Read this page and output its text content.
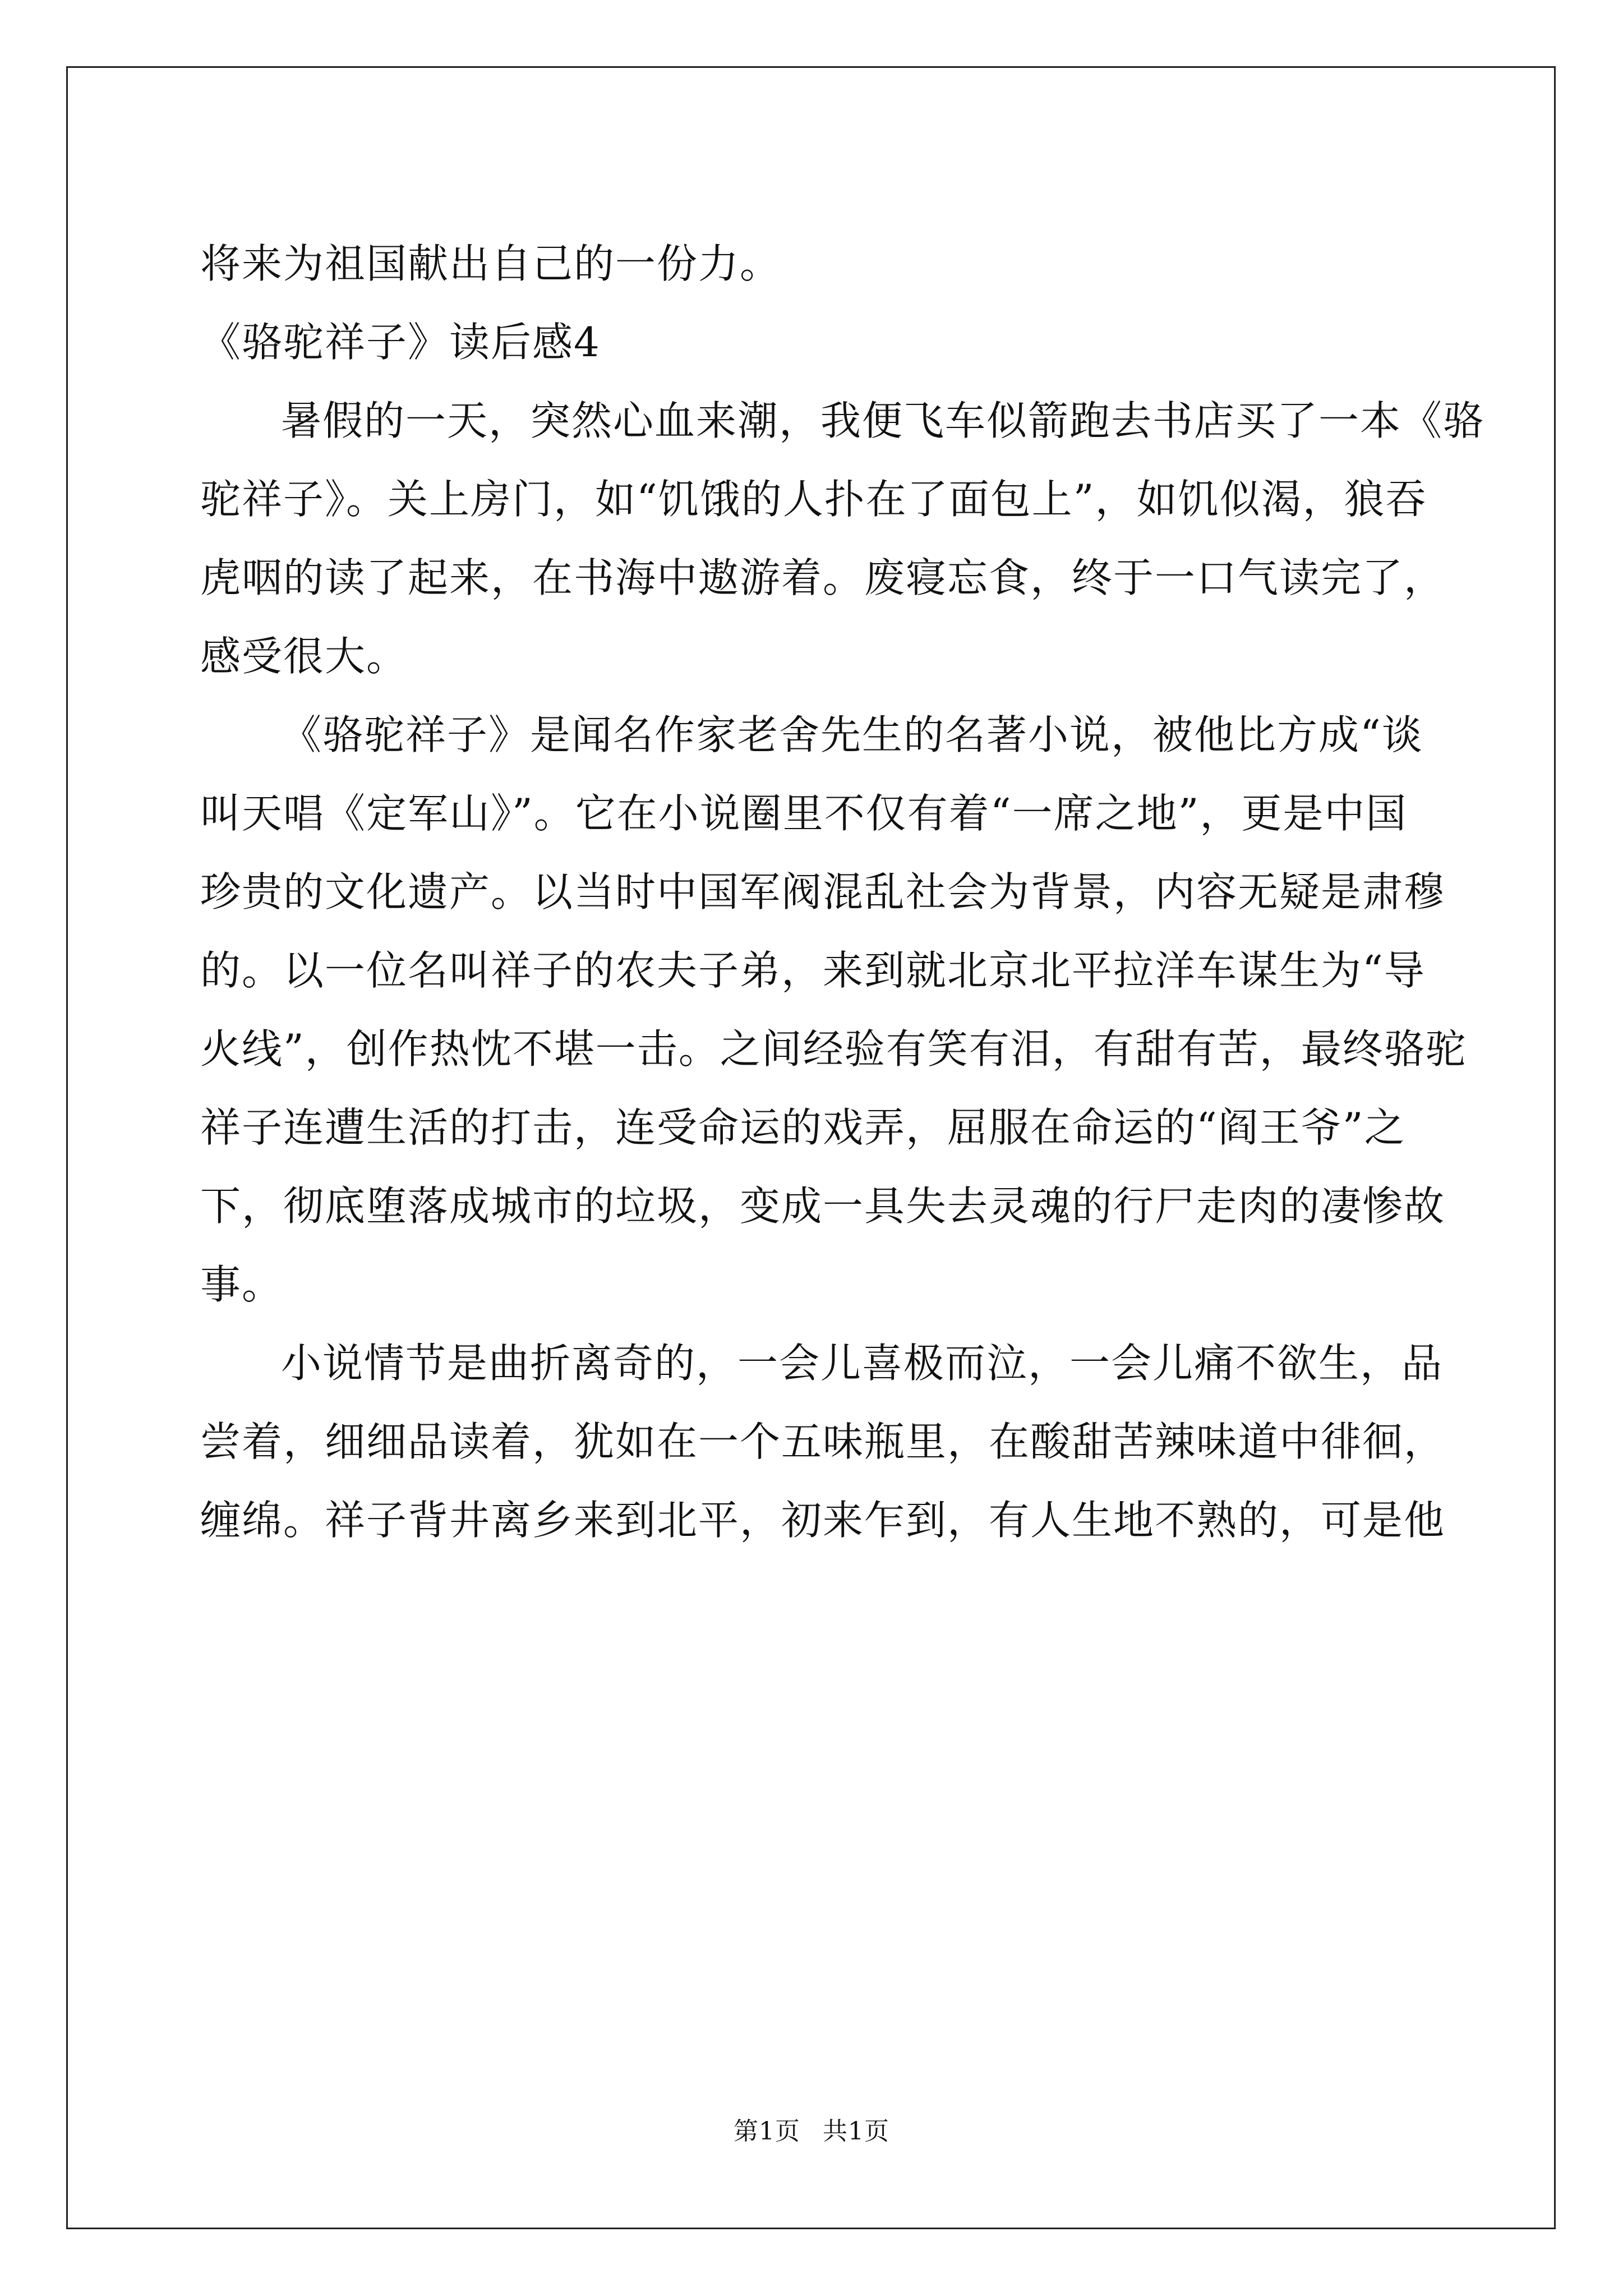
将来为祖国献出自己的一份力。
《骆驼祥子》读后感4
暑假的一天，突然心血来潮，我便飞车似箭跑去书店买了一本《骆
驼祥子》。关上房门，如“饥饿的人扑在了面包上”，如饥似渴，狼吞
虎咽的读了起来，在书海中遨游着。废寝忘食，终于一口气读完了，
感受很大。
《骆驼祥子》是闻名作家老舍先生的名著小说，被他比方成“谈
叫天唱《定军山》”。它在小说圈里不仅有着“一席之地”，更是中国
珍贵的文化遗产。以当时中国军阀混乱社会为背景，内容无疑是肃穆
的。以一位名叫祥子的农夫子弟，来到就北京北平拉洋车谋生为“导
火线”，创作热忱不堪一击。之间经验有笑有泪，有甜有苦，最终骆驼
祥子连遭生活的打击，连受命运的戏弄，屈服在命运的“阎王爷”之
下，彻底堕落成城市的垃圾，变成一具失去灵魂的行尸走肉的凄惨故
事。
小说情节是曲折离奇的，一会儿喜极而泣，一会儿痛不欲生，品
尝着，细细品读着，犹如在一个五味瓶里，在酸甜苦辣味道中徘徊，
缠绵。祥子背井离乡来到北平，初来乍到，有人生地不熟的，可是他
第1页 共1页
